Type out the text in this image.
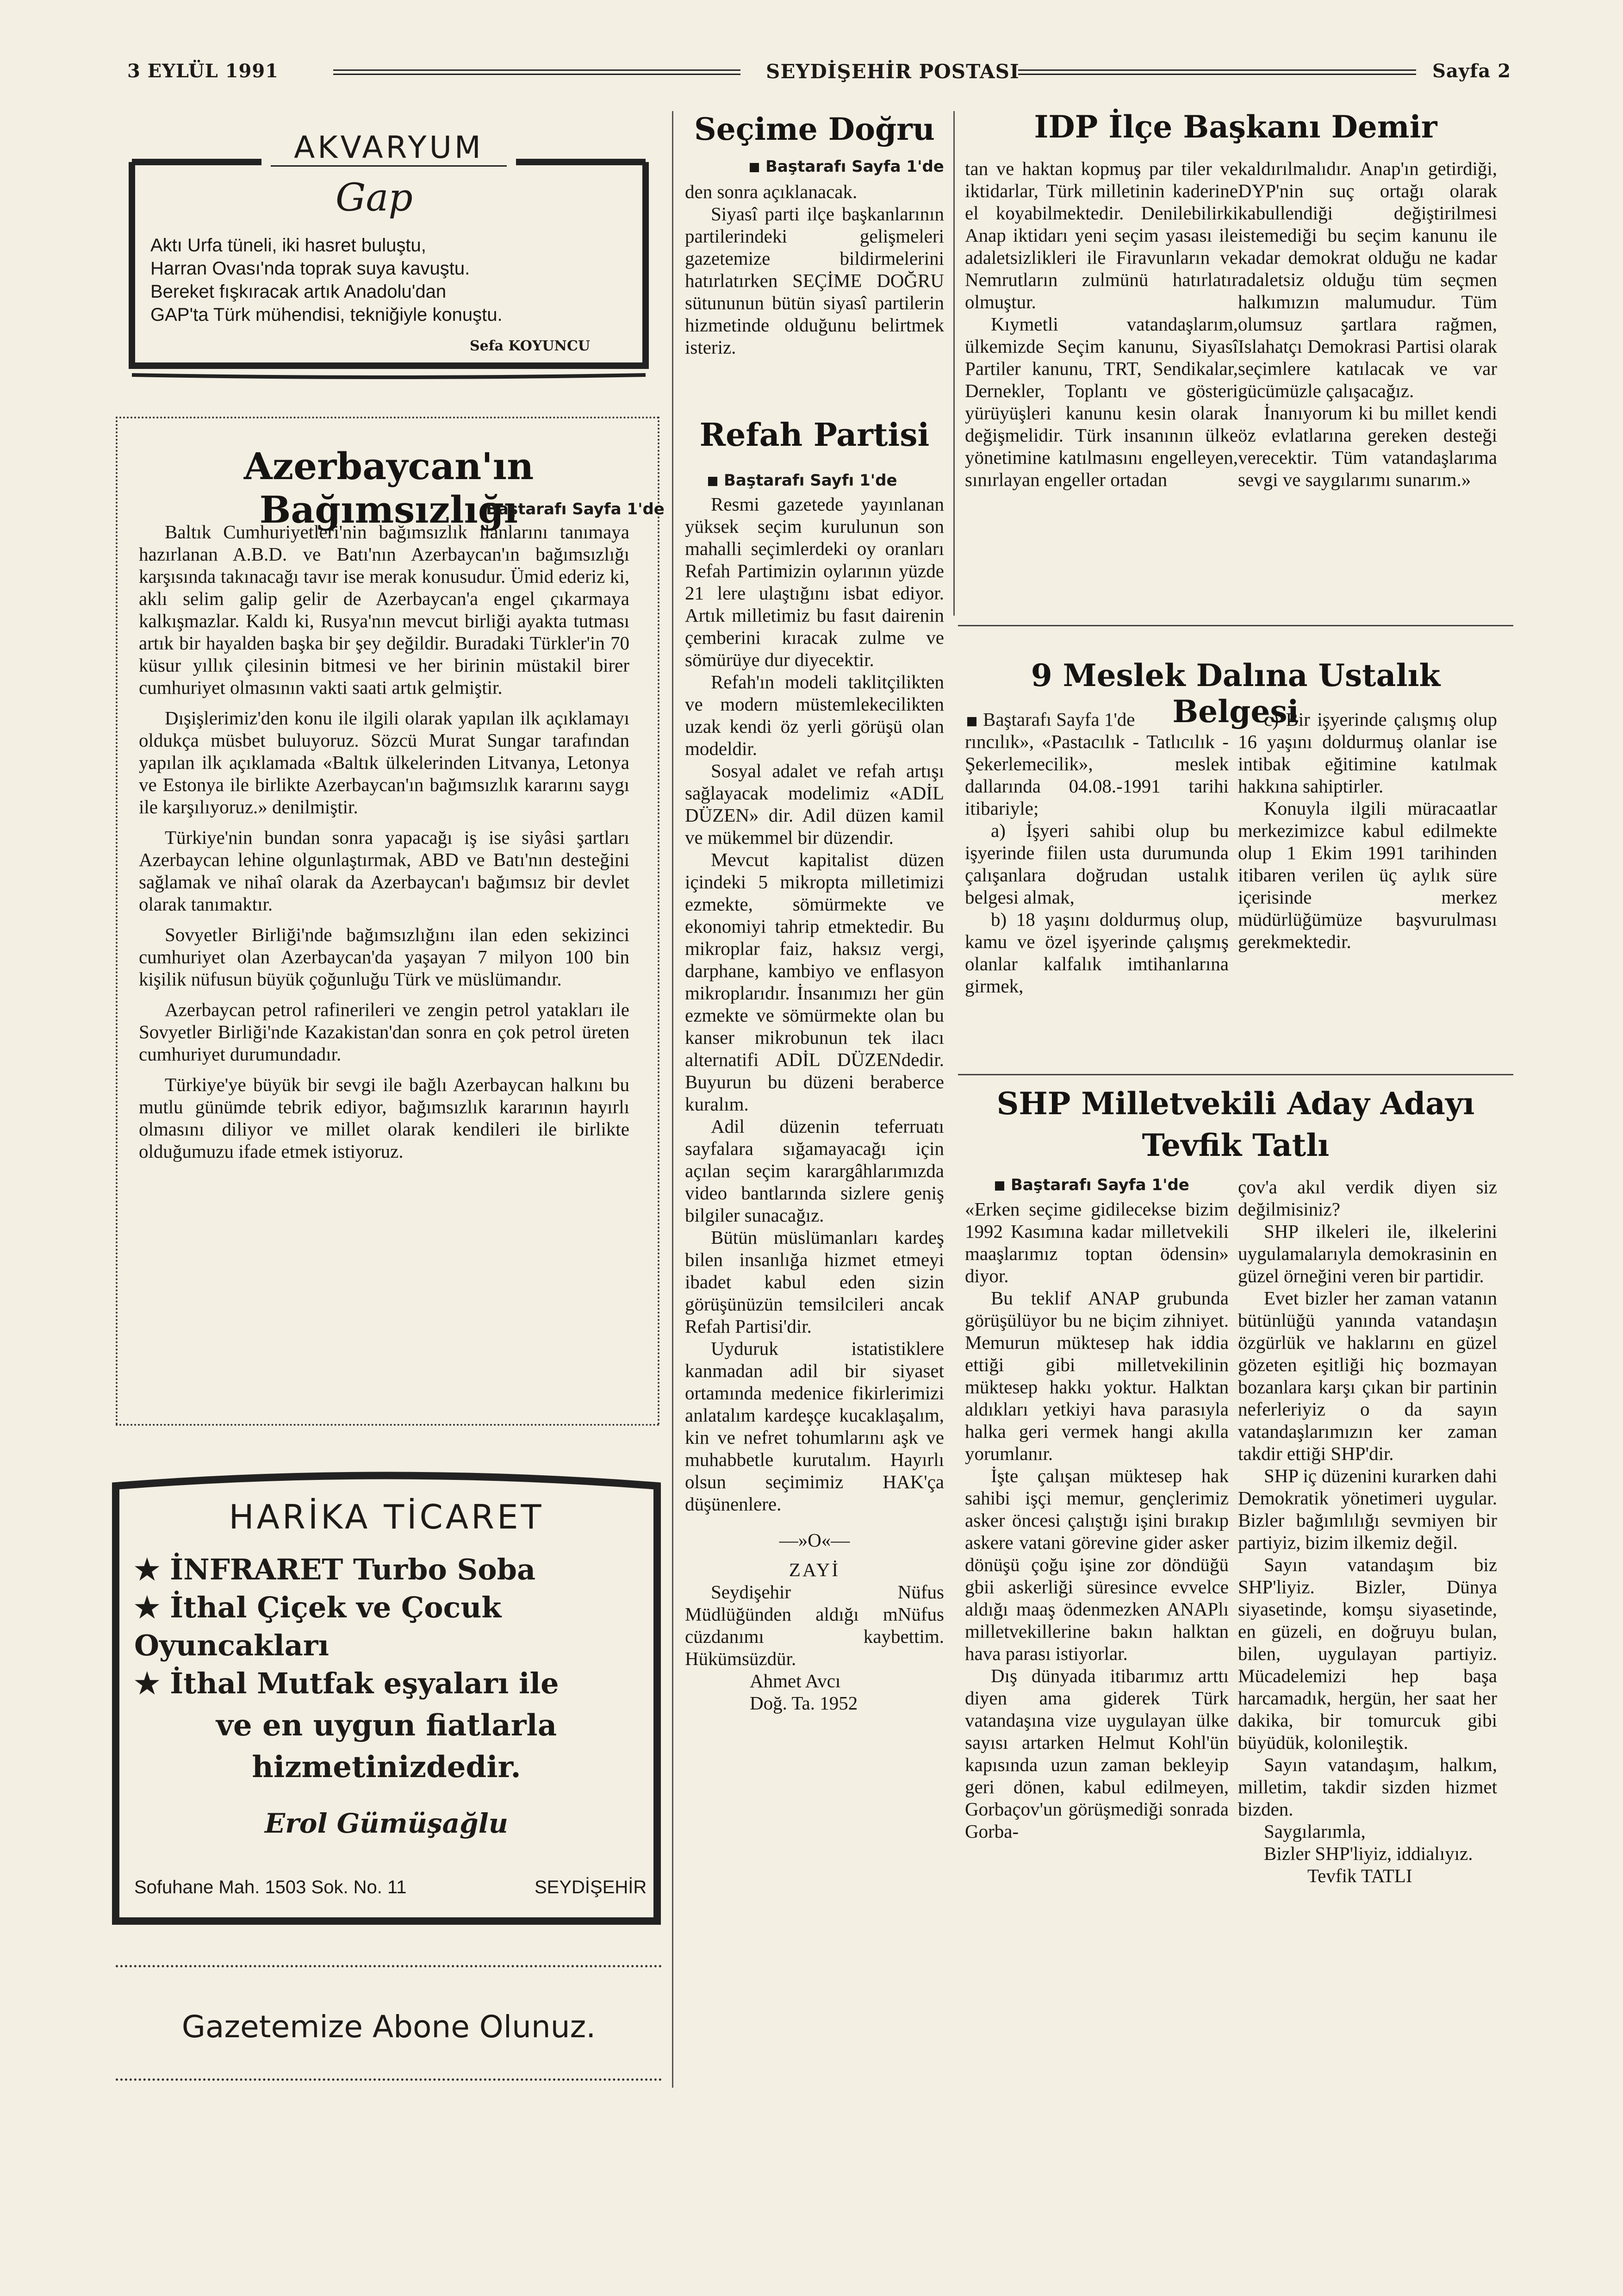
3 EYLÜL 1991	SEYDİŞEHİR POSTASI	Sayfa 2
AKVARYUM
Gap
Aktı Urfa tüneli, iki hasret buluştu,
Harran Ovası'nda toprak suya kavuştu.
Bereket fışkıracak artık Anadolu'dan
GAP'ta Türk mühendisi, tekniğiyle konuştu.
Sefa KOYUNCU
Azerbaycan'ın Bağımsızlığı
Baştarafı Sayfa 1'de

Baltık Cumhuriyetleri'nin bağımsızlık ilanlarını tanımaya hazırlanan A.B.D. ve Batı'nın Azerbaycan'ın bağımsızlığı karşısında takınacağı tavır ise merak konusudur. Ümid ederiz ki, aklı selim galip gelir de Azerbaycan'a engel çıkarmaya kalkışmazlar. Kaldı ki, Rusya'nın mevcut birliği ayakta tutması artık bir hayalden başka bir şey değildir. Buradaki Türkler'in 70 küsur yıllık çilesinin bitmesi ve her birinin müstakil birer cumhuriyet olmasının vakti saati artık gelmiştir.

Dışişlerimiz'den konu ile ilgili olarak yapılan ilk açıklamayı oldukça müsbet buluyoruz. Sözcü Murat Sungar tarafından yapılan ilk açıklamada «Baltık ülkelerinden Litvanya, Letonya ve Estonya ile birlikte Azerbaycan'ın bağımsızlık kararını saygı ile karşılıyoruz.» denilmiştir.

Türkiye'nin bundan sonra yapacağı iş ise siyâsi şartları Azerbaycan lehine olgunlaştırmak, ABD ve Batı'nın desteğini sağlamak ve nihaî olarak da Azerbaycan'ı bağımsız bir devlet olarak tanımaktır.

Sovyetler Birliği'nde bağımsızlığını ilan eden sekizinci cumhuriyet olan Azerbaycan'da yaşayan 7 milyon 100 bin kişilik nüfusun büyük çoğunluğu Türk ve müslümandır.

Azerbaycan petrol rafinerileri ve zengin petrol yatakları ile Sovyetler Birliği'nde Kazakistan'dan sonra en çok petrol üreten cumhuriyet durumundadır.

Türkiye'ye büyük bir sevgi ile bağlı Azerbaycan halkını bu mutlu günümde tebrik ediyor, bağımsızlık kararının hayırlı olmasını diliyor ve millet olarak kendileri ile birlikte olduğumuzu ifade etmek istiyoruz.

HARİKA TİCARET
★ İNFRARET Turbo Soba
★ İthal Çiçek ve Çocuk Oyuncakları
★ İthal Mutfak eşyaları ile
ve en uygun fiatlarla
hizmetinizdedir.
Erol Gümüşağlu
Sofuhane Mah. 1503 Sok. No. 11	SEYDİŞEHİR
Gazetemize Abone Olunuz.
Seçime Doğru
Baştarafı Sayfa 1'de

den sonra açıklanacak.

Siyasî parti ilçe başkanlarının partilerindeki gelişmeleri gazetemize bildirmelerini hatırlatırken SEÇİME DOĞRU sütununun bütün siyasî partilerin hizmetinde olduğunu belirtmek isteriz.

Refah Partisi
Baştarafı Sayfı 1'de

Resmi gazetede yayınlanan yüksek seçim kurulunun son mahalli seçimlerdeki oy oranları Refah Partimizin oylarının yüzde 21 lere ulaştığını isbat ediyor. Artık milletimiz bu fasıt dairenin çemberini kıracak zulme ve sömürüye dur diyecektir.

Refah'ın modeli taklitçilikten ve modern müstemlekecilikten uzak kendi öz yerli görüşü olan modeldir.

Sosyal adalet ve refah artışı sağlayacak modelimiz «ADİL DÜZEN» dir. Adil düzen kamil ve mükemmel bir düzendir.

Mevcut kapitalist düzen içindeki 5 mikropta milletimizi ezmekte, sömürmekte ve ekonomiyi tahrip etmektedir. Bu mikroplar faiz, haksız vergi, darphane, kambiyo ve enflasyon mikroplarıdır. İnsanımızı her gün ezmekte ve sömürmekte olan bu kanser mikrobunun tek ilacı alternatifi ADİL DÜZENdedir. Buyurun bu düzeni beraberce kuralım.

Adil düzenin teferruatı sayfalara sığamayacağı için açılan seçim karargâhlarımızda video bantlarında sizlere geniş bilgiler sunacağız.

Bütün müslümanları kardeş bilen insanlığa hizmet etmeyi ibadet kabul eden sizin görüşünüzün temsilcileri ancak Refah Partisi'dir.

Uyduruk istatistiklere kanmadan adil bir siyaset ortamında medenice fikirlerimizi anlatalım kardeşçe kucaklaşalım, kin ve nefret tohumlarını aşk ve muhabbetle kurutalım. Hayırlı olsun seçimimiz HAK'ça düşünenlere.

—»O«—
ZAYİ

Seydişehir Nüfus Müdlüğünden aldığı mNüfus cüzdanımı kaybettim. Hükümsüzdür.

Ahmet Avcı
Doğ. Ta. 1952
IDP İlçe Başkanı Demir

tan ve haktan kopmuş par tiler ve iktidarlar, Türk milletinin kaderine el koyabilmektedir. Denilebilirki Anap iktidarı yeni seçim yasası ile adaletsizlikleri ile Firavunların ve Nemrutların zulmünü hatırlatır olmuştur.

Kıymetli vatandaşlarım, ülkemizde Seçim kanunu, Siyasî Partiler kanunu, TRT, Sendikalar, Dernekler, Toplantı ve gösteri yürüyüşleri kanunu kesin olarak değişmelidir. Türk insanının ülke yönetimine katılmasını engelleyen, sınırlayan engeller ortadan

kaldırılmalıdır. Anap'ın getirdiği, DYP'nin suç ortağı olarak kabullendiği değiştirilmesi istemediği bu seçim kanunu ile kadar demokrat olduğu ne kadar adaletsiz olduğu tüm seçmen halkımızın malumudur. Tüm olumsuz şartlara rağmen, Islahatçı Demokrasi Partisi olarak seçimlere katılacak ve var gücümüzle çalışacağız.

İnanıyorum ki bu millet kendi öz evlatlarına gereken desteği verecektir. Tüm vatandaşlarıma sevgi ve saygılarımı sunarım.»

9 Meslek Dalına Ustalık Belgesi
Baştarafı Sayfa 1'de

rıncılık», «Pastacılık - Tatlıcılık - Şekerlemecilik», meslek dallarında 04.08.-1991 tarihi itibariyle;

a) İşyeri sahibi olup bu işyerinde fiilen usta durumunda çalışanlara doğrudan ustalık belgesi almak,

b) 18 yaşını doldurmuş olup, kamu ve özel işyerinde çalışmış olanlar kalfalık imtihanlarına girmek,

c) Bir işyerinde çalışmış olup 16 yaşını doldurmuş olanlar ise intibak eğitimine katılmak hakkına sahiptirler.

Konuyla ilgili müracaatlar merkezimizce kabul edilmekte olup 1 Ekim 1991 tarihinden itibaren verilen üç aylık süre içerisinde merkez müdürlüğümüze başvurulması gerekmektedir.

SHP Milletvekili Aday Adayı
Tevfik Tatlı
Baştarafı Sayfa 1'de

«Erken seçime gidilecekse bizim 1992 Kasımına kadar milletvekili maaşlarımız toptan ödensin» diyor.

Bu teklif ANAP grubunda görüşülüyor bu ne biçim zihniyet. Memurun müktesep hak iddia ettiği gibi milletvekilinin müktesep hakkı yoktur. Halktan aldıkları yetkiyi hava parasıyla halka geri vermek hangi akılla yorumlanır.

İşte çalışan müktesep hak sahibi işçi memur, gençlerimiz asker öncesi çalıştığı işini bırakıp askere vatani görevine gider asker dönüşü çoğu işine zor döndüğü gbii askerliği süresince evvelce aldığı maaş ödenmezken ANAPlı milletvekillerine bakın halktan hava parası istiyorlar.

Dış dünyada itibarımız arttı diyen ama giderek Türk vatandaşına vize uygulayan ülke sayısı artarken Helmut Kohl'ün kapısında uzun zaman bekleyip geri dönen, kabul edilmeyen, Gorbaçov'un görüşmediği sonrada Gorba-

çov'a akıl verdik diyen siz değilmisiniz?

SHP ilkeleri ile, ilkelerini uygulamalarıyla demokrasinin en güzel örneğini veren bir partidir.

Evet bizler her zaman vatanın bütünlüğü yanında vatandaşın özgürlük ve haklarını en güzel gözeten eşitliği hiç bozmayan bozanlara karşı çıkan bir partinin neferleriyiz o da sayın vatandaşlarımızın ker zaman takdir ettiği SHP'dir.

SHP iç düzenini kurarken dahi Demokratik yönetimeri uygular. Bizler bağımlılığı sevmiyen bir partiyiz, bizim ilkemiz değil.

Sayın vatandaşım biz SHP'liyiz. Bizler, Dünya siyasetinde, komşu siyasetinde, en güzeli, en doğruyu bulan, bilen, uygulayan partiyiz. Mücadelemizi hep başa harcamadık, hergün, her saat her dakika, bir tomurcuk gibi büyüdük, kolonileştik.

Sayın vatandaşım, halkım, milletim, takdir sizden hizmet bizden.

Saygılarımla,

Bizler SHP'liyiz, iddialıyız.

Tevfik TATLI
